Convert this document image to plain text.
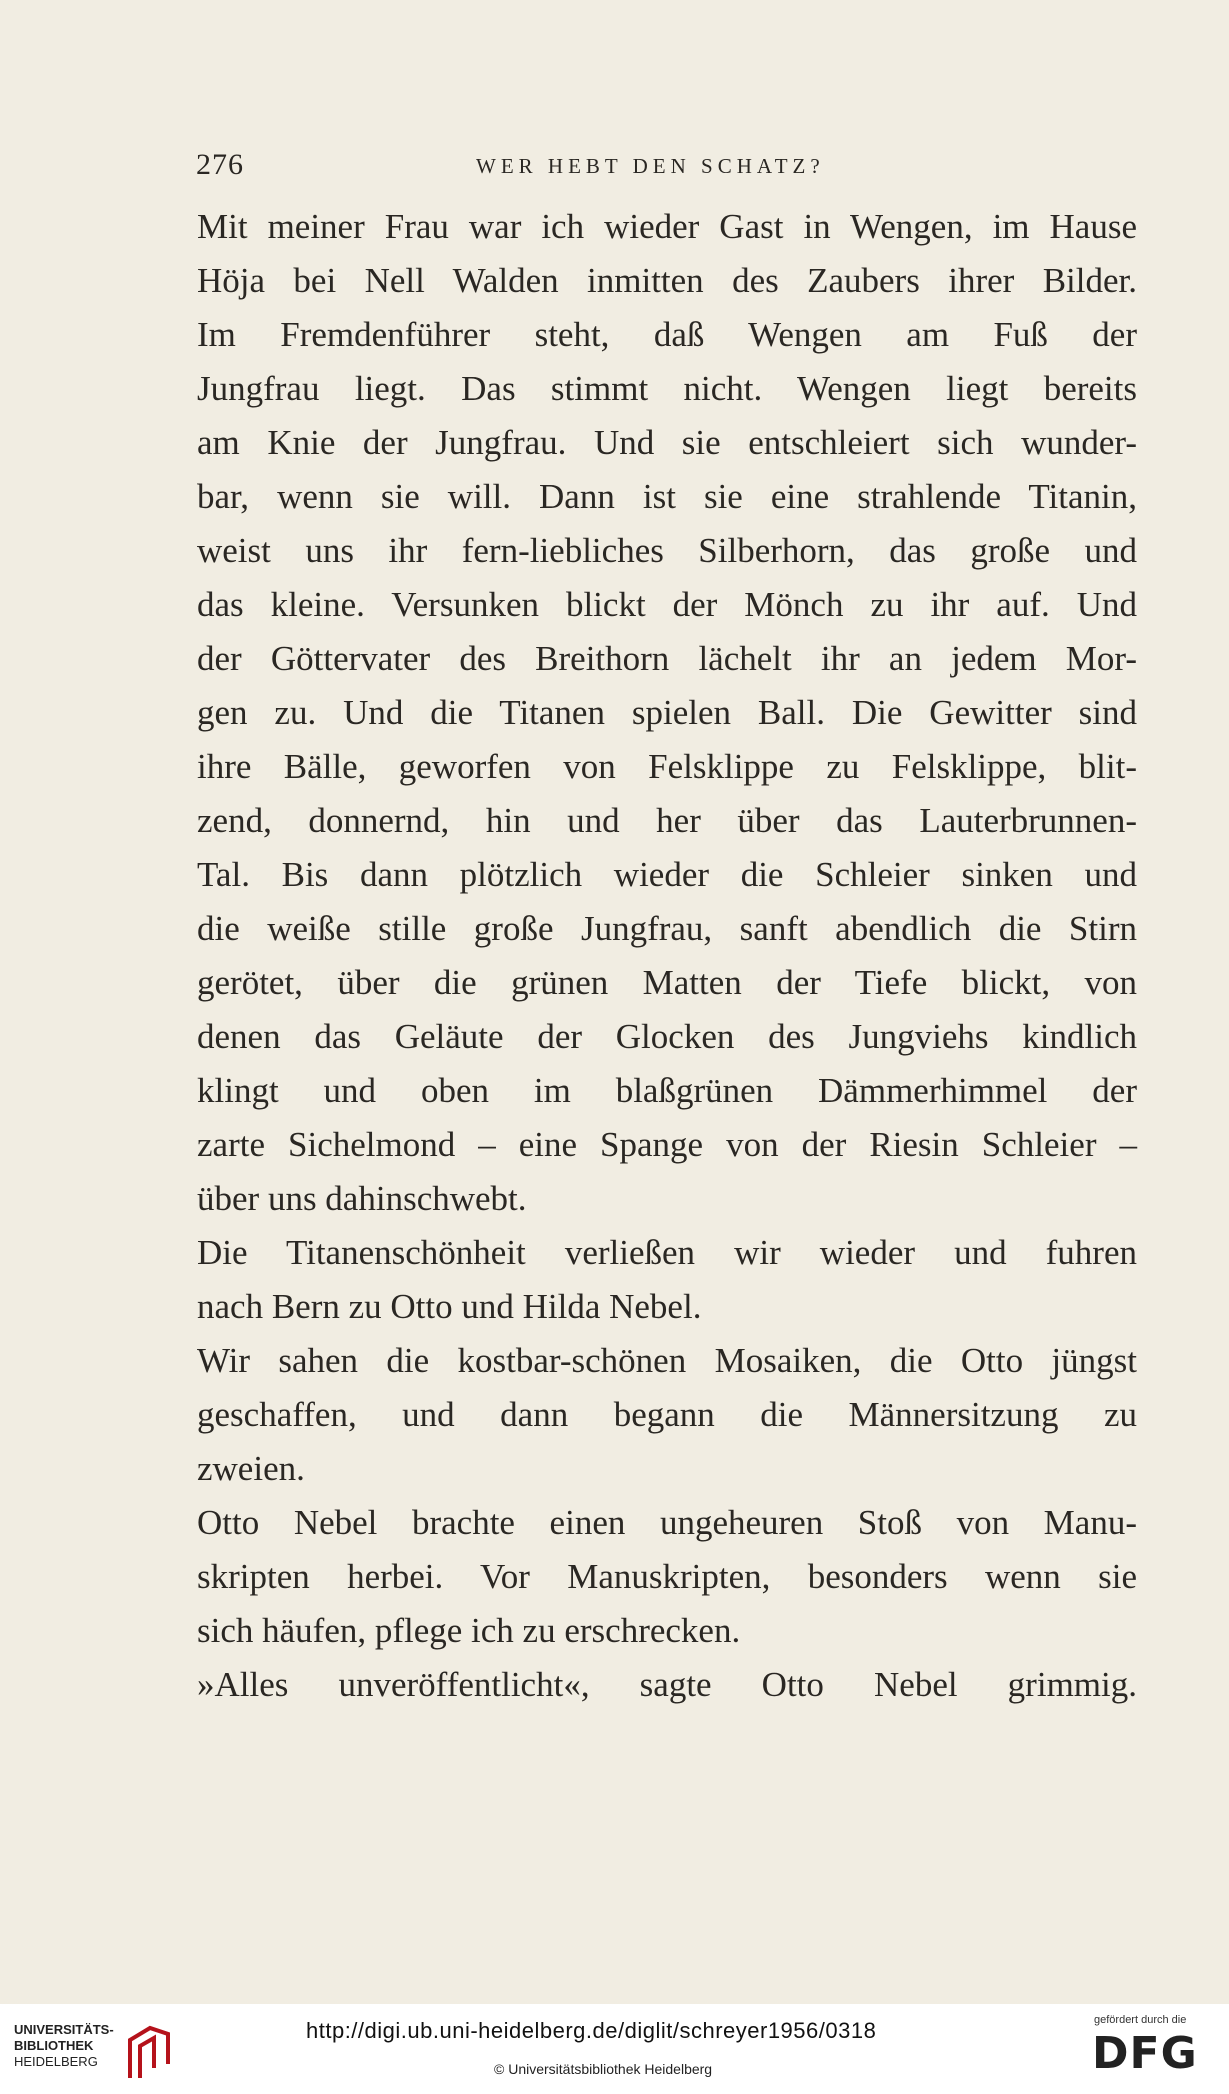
276	WER HEBT DEN SCHATZ?
Mit meiner Frau war ich wieder Gast in Wengen, im Hause
Höja bei Nell Walden inmitten des Zaubers ihrer Bilder.
Im Fremdenführer steht, daß Wengen am Fuß der
Jungfrau liegt. Das stimmt nicht. Wengen liegt bereits
am Knie der Jungfrau. Und sie entschleiert sich wunder-
bar, wenn sie will. Dann ist sie eine strahlende Titanin,
weist uns ihr fern-liebliches Silberhorn, das große und
das kleine. Versunken blickt der Mönch zu ihr auf. Und
der Göttervater des Breithorn lächelt ihr an jedem Mor-
gen zu. Und die Titanen spielen Ball. Die Gewitter sind
ihre Bälle, geworfen von Felsklippe zu Felsklippe, blit-
zend, donnernd, hin und her über das Lauterbrunnen-
Tal. Bis dann plötzlich wieder die Schleier sinken und
die weiße stille große Jungfrau, sanft abendlich die Stirn
gerötet, über die grünen Matten der Tiefe blickt, von
denen das Geläute der Glocken des Jungviehs kindlich
klingt und oben im blaßgrünen Dämmerhimmel der
zarte Sichelmond – eine Spange von der Riesin Schleier –
über uns dahinschwebt.
Die Titanenschönheit verließen wir wieder und fuhren
nach Bern zu Otto und Hilda Nebel.
Wir sahen die kostbar-schönen Mosaiken, die Otto jüngst
geschaffen, und dann begann die Männersitzung zu
zweien.
Otto Nebel brachte einen ungeheuren Stoß von Manu-
skripten herbei. Vor Manuskripten, besonders wenn sie
sich häufen, pflege ich zu erschrecken.
»Alles unveröffentlicht«, sagte Otto Nebel grimmig.
UNIVERSITÄTS-
BIBLIOTHEK
HEIDELBERG
http://digi.ub.uni-heidelberg.de/diglit/schreyer1956/0318
© Universitätsbibliothek Heidelberg
gefördert durch die
DFG
